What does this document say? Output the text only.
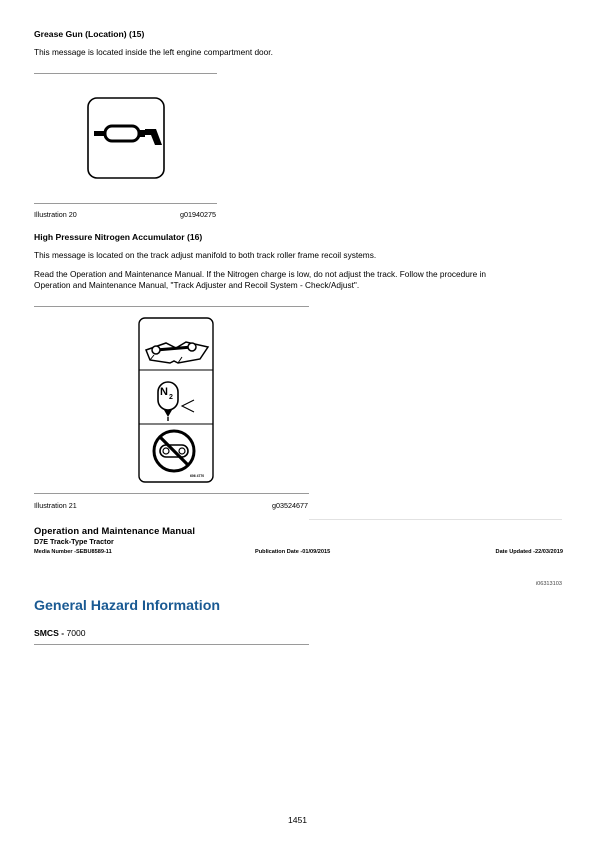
Grease Gun (Location) (15)
This message is located inside the left engine compartment door.
Illustration 20	g01940275
High Pressure Nitrogen Accumulator (16)
This message is located on the track adjust manifold to both track roller frame recoil systems.
Read the Operation and Maintenance Manual. If the Nitrogen charge is low, do not adjust the track. Follow the procedure in
Operation and Maintenance Manual, "Track Adjuster and Recoil System - Check/Adjust".
N 2
606 4770
Illustration 21	g03524677
Operation and Maintenance Manual
D7E Track-Type Tractor
Media Number -SEBU8589-11	Publication Date -01/09/2015	Date Updated -22/03/2019
i06313103
General Hazard Information
SMCS - 7000
1451
